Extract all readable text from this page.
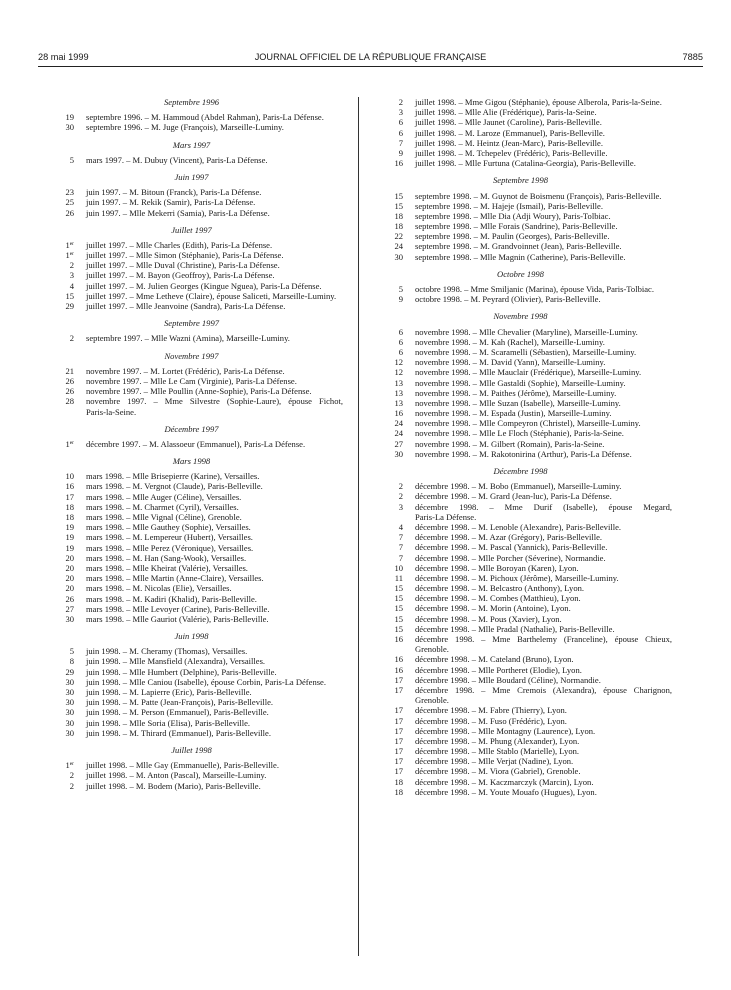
28 mai 1999	JOURNAL OFFICIEL DE LA RÉPUBLIQUE FRANÇAISE	7885
Septembre 1996
19 septembre 1996. – M. Hammoud (Abdel Rahman), Paris-La Défense.
30 septembre 1996. – M. Juge (François), Marseille-Luminy.
Mars 1997
5 mars 1997. – M. Dubuy (Vincent), Paris-La Défense.
Juin 1997
23 juin 1997. – M. Bitoun (Franck), Paris-La Défense.
25 juin 1997. – M. Rekik (Samir), Paris-La Défense.
26 juin 1997. – Mlle Mekerri (Samia), Paris-La Défense.
Juillet 1997
1er juillet 1997. – Mlle Charles (Edith), Paris-La Défense.
1er juillet 1997. – Mlle Simon (Stéphanie), Paris-La Défense.
2 juillet 1997. – Mlle Duval (Christine), Paris-La Défense.
3 juillet 1997. – M. Bayon (Geoffroy), Paris-La Défense.
4 juillet 1997. – M. Julien Georges (Kingue Nguea), Paris-La Défense.
15 juillet 1997. – Mme Letheve (Claire), épouse Saliceti, Marseille-Luminy.
29 juillet 1997. – Mlle Jeanvoine (Sandra), Paris-La Défense.
Septembre 1997
2 septembre 1997. – Mlle Wazni (Amina), Marseille-Luminy.
Novembre 1997
21 novembre 1997. – M. Lortet (Frédéric), Paris-La Défense.
26 novembre 1997. – Mlle Le Cam (Virginie), Paris-La Défense.
26 novembre 1997. – Mlle Poullin (Anne-Sophie), Paris-La Défense.
28 novembre 1997. – Mme Silvestre (Sophie-Laure), épouse Fichot, Paris-la-Seine.
Décembre 1997
1er décembre 1997. – M. Alassoeur (Emmanuel), Paris-La Défense.
Mars 1998
10 mars 1998. – Mlle Brisepierre (Karine), Versailles.
16 mars 1998. – M. Vergnot (Claude), Paris-Belleville.
17 mars 1998. – Mlle Auger (Céline), Versailles.
18 mars 1998. – M. Charmet (Cyril), Versailles.
18 mars 1998. – Mlle Vignal (Céline), Grenoble.
19 mars 1998. – Mlle Gauthey (Sophie), Versailles.
19 mars 1998. – M. Lempereur (Hubert), Versailles.
19 mars 1998. – Mlle Perez (Véronique), Versailles.
20 mars 1998. – M. Han (Sang-Wook), Versailles.
20 mars 1998. – Mlle Kheirat (Valérie), Versailles.
20 mars 1998. – Mlle Martin (Anne-Claire), Versailles.
20 mars 1998. – M. Nicolas (Elie), Versailles.
26 mars 1998. – M. Kadiri (Khalid), Paris-Belleville.
27 mars 1998. – Mlle Levoyer (Carine), Paris-Belleville.
30 mars 1998. – Mlle Gauriot (Valérie), Paris-Belleville.
Juin 1998
5 juin 1998. – M. Cheramy (Thomas), Versailles.
8 juin 1998. – Mlle Mansfield (Alexandra), Versailles.
29 juin 1998. – Mlle Humbert (Delphine), Paris-Belleville.
30 juin 1998. – Mlle Caniou (Isabelle), épouse Corbin, Paris-La Défense.
30 juin 1998. – M. Lapierre (Eric), Paris-Belleville.
30 juin 1998. – M. Patte (Jean-François), Paris-Belleville.
30 juin 1998. – M. Person (Emmanuel), Paris-Belleville.
30 juin 1998. – Mlle Soria (Elisa), Paris-Belleville.
30 juin 1998. – M. Thirard (Emmanuel), Paris-Belleville.
Juillet 1998
1er juillet 1998. – Mlle Gay (Emmanuelle), Paris-Belleville.
2 juillet 1998. – M. Anton (Pascal), Marseille-Luminy.
2 juillet 1998. – M. Bodem (Mario), Paris-Belleville.
2 juillet 1998. – Mme Gigou (Stéphanie), épouse Alberola, Paris-la-Seine.
3 juillet 1998. – Mlle Alie (Frédérique), Paris-la-Seine.
6 juillet 1998. – Mlle Jaunet (Caroline), Paris-Belleville.
6 juillet 1998. – M. Laroze (Emmanuel), Paris-Belleville.
7 juillet 1998. – M. Heintz (Jean-Marc), Paris-Belleville.
9 juillet 1998. – M. Tchepelev (Frédéric), Paris-Belleville.
16 juillet 1998. – Mlle Furtuna (Catalina-Georgia), Paris-Belleville.
Septembre 1998
15 septembre 1998. – M. Guynot de Boismenu (François), Paris-Belleville.
15 septembre 1998. – M. Hajeje (Ismail), Paris-Belleville.
18 septembre 1998. – Mlle Dia (Adji Woury), Paris-Tolbiac.
18 septembre 1998. – Mlle Forais (Sandrine), Paris-Belleville.
22 septembre 1998. – M. Paulin (Georges), Paris-Belleville.
24 septembre 1998. – M. Grandvoinnet (Jean), Paris-Belleville.
30 septembre 1998. – Mlle Magnin (Catherine), Paris-Belleville.
Octobre 1998
5 octobre 1998. – Mme Smiljanic (Marina), épouse Vida, Paris-Tolbiac.
9 octobre 1998. – M. Peyrard (Olivier), Paris-Belleville.
Novembre 1998
6 novembre 1998. – Mlle Chevalier (Maryline), Marseille-Luminy.
6 novembre 1998. – M. Kah (Rachel), Marseille-Luminy.
6 novembre 1998. – M. Scaramelli (Sébastien), Marseille-Luminy.
12 novembre 1998. – M. David (Yann), Marseille-Luminy.
12 novembre 1998. – Mlle Mauclair (Frédérique), Marseille-Luminy.
13 novembre 1998. – Mlle Gastaldi (Sophie), Marseille-Luminy.
13 novembre 1998. – M. Paithes (Jérôme), Marseille-Luminy.
13 novembre 1998. – Mlle Suzan (Isabelle), Marseille-Luminy.
16 novembre 1998. – M. Espada (Justin), Marseille-Luminy.
24 novembre 1998. – Mlle Compeyron (Christel), Marseille-Luminy.
24 novembre 1998. – Mlle Le Floch (Stéphanie), Paris-la-Seine.
27 novembre 1998. – M. Gilbert (Romain), Paris-la-Seine.
30 novembre 1998. – M. Rakotonirina (Arthur), Paris-La Défense.
Décembre 1998
2 décembre 1998. – M. Bobo (Emmanuel), Marseille-Luminy.
2 décembre 1998. – M. Grard (Jean-luc), Paris-La Défense.
3 décembre 1998. – Mme Durif (Isabelle), épouse Megard, Paris-La Défense.
4 décembre 1998. – M. Lenoble (Alexandre), Paris-Belleville.
7 décembre 1998. – M. Azar (Grégory), Paris-Belleville.
7 décembre 1998. – M. Pascal (Yannick), Paris-Belleville.
7 décembre 1998. – Mlle Porcher (Séverine), Normandie.
10 décembre 1998. – Mlle Boroyan (Karen), Lyon.
11 décembre 1998. – M. Pichoux (Jérôme), Marseille-Luminy.
15 décembre 1998. – M. Belcastro (Anthony), Lyon.
15 décembre 1998. – M. Combes (Matthieu), Lyon.
15 décembre 1998. – M. Morin (Antoine), Lyon.
15 décembre 1998. – M. Pous (Xavier), Lyon.
15 décembre 1998. – Mlle Pradal (Nathalie), Paris-Belleville.
16 décembre 1998. – Mme Barthelemy (Franceline), épouse Chieux, Grenoble.
16 décembre 1998. – M. Cateland (Bruno), Lyon.
16 décembre 1998. – Mlle Portheret (Elodie), Lyon.
17 décembre 1998. – Mlle Boudard (Céline), Normandie.
17 décembre 1998. – Mme Cremois (Alexandra), épouse Charignon, Grenoble.
17 décembre 1998. – M. Fabre (Thierry), Lyon.
17 décembre 1998. – M. Fuso (Frédéric), Lyon.
17 décembre 1998. – Mlle Montagny (Laurence), Lyon.
17 décembre 1998. – M. Phung (Alexander), Lyon.
17 décembre 1998. – Mlle Stablo (Marielle), Lyon.
17 décembre 1998. – Mlle Verjat (Nadine), Lyon.
17 décembre 1998. – M. Viora (Gabriel), Grenoble.
18 décembre 1998. – M. Kaczmarczyk (Marcin), Lyon.
18 décembre 1998. – M. Youte Mouafo (Hugues), Lyon.
